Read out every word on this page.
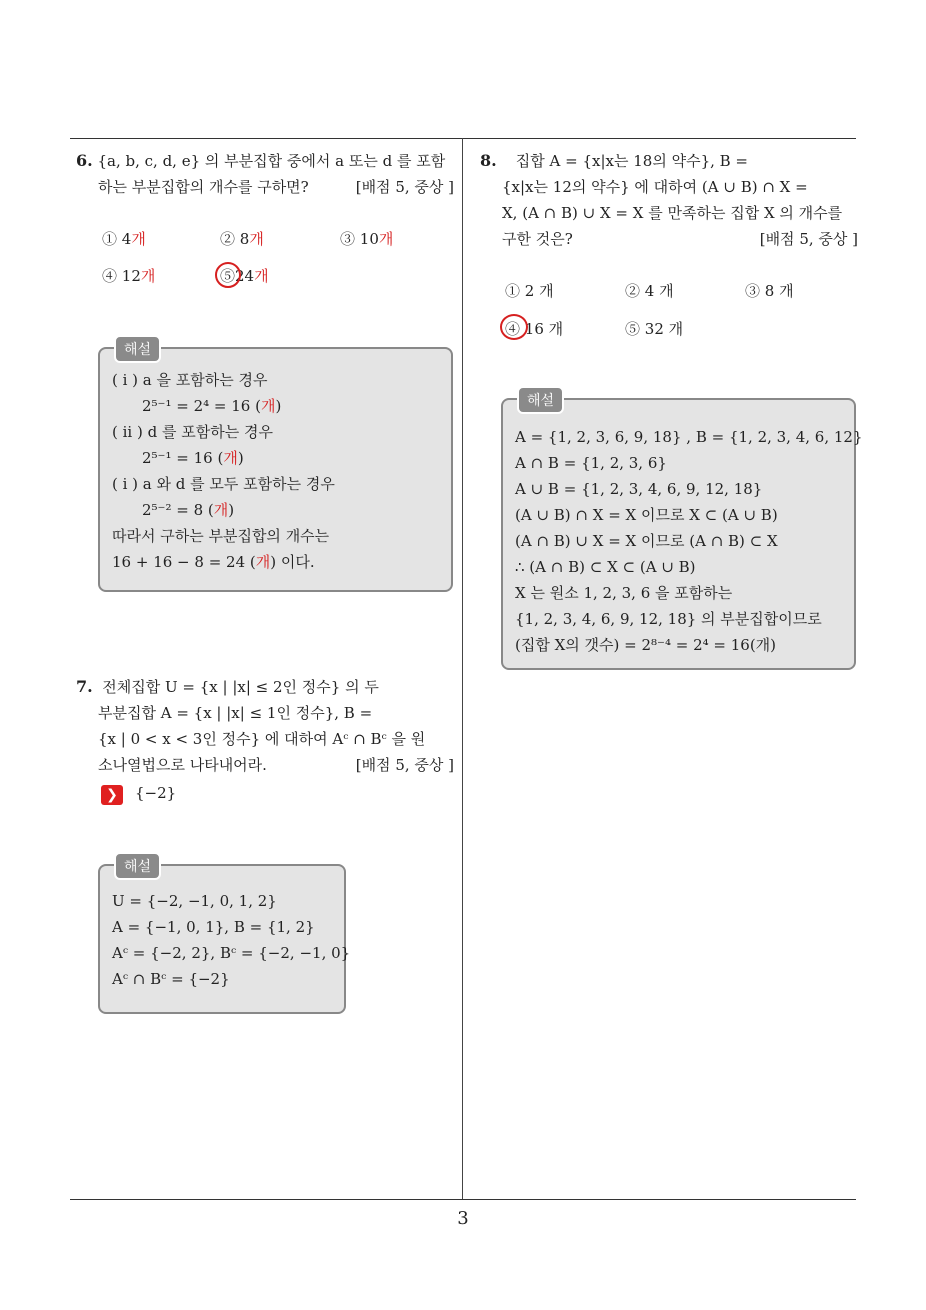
6. {a, b, c, d, e} 의 부분집합 중에서 a 또는 d 를 포함
하는 부분집합의 개수를 구하면?	[배점 5, 중상 ]
① 4개	② 8개	③ 10개
④ 12개	⑤24개
해설
( i ) a 을 포함하는 경우
2⁵⁻¹ = 2⁴ = 16 (개)
( ii ) d 를 포함하는 경우
2⁵⁻¹ = 16 (개)
( i ) a 와 d 를 모두 포함하는 경우
2⁵⁻² = 8 (개)
따라서 구하는 부분집합의 개수는
16 + 16 − 8 = 24 (개) 이다.
7. 전체집합 U = {x | |x| ≤ 2인 정수} 의 두
부분집합 A = {x | |x| ≤ 1인 정수}, B =
{x | 0 < x < 3인 정수} 에 대하여 Aᶜ ∩ Bᶜ 을 원
소나열법으로 나타내어라.	[배점 5, 중상 ]
❯	{−2}
해설
U = {−2, −1, 0, 1, 2}
A = {−1, 0, 1}, B = {1, 2}
Aᶜ = {−2, 2}, Bᶜ = {−2, −1, 0}
Aᶜ ∩ Bᶜ = {−2}
8. 집합 A = {x|x는 18의 약수}, B =
{x|x는 12의 약수} 에 대하여 (A ∪ B) ∩ X =
X, (A ∩ B) ∪ X = X 를 만족하는 집합 X 의 개수를
구한 것은?	[배점 5, 중상 ]
① 2 개	② 4 개	③ 8 개
④ 16 개	⑤ 32 개
해설
A = {1, 2, 3, 6, 9, 18} , B = {1, 2, 3, 4, 6, 12}
A ∩ B = {1, 2, 3, 6}
A ∪ B = {1, 2, 3, 4, 6, 9, 12, 18}
(A ∪ B) ∩ X = X 이므로 X ⊂ (A ∪ B)
(A ∩ B) ∪ X = X 이므로 (A ∩ B) ⊂ X
∴ (A ∩ B) ⊂ X ⊂ (A ∪ B)
X 는 원소 1, 2, 3, 6 을 포함하는
{1, 2, 3, 4, 6, 9, 12, 18} 의 부분집합이므로
(집합 X의 갯수) = 2⁸⁻⁴ = 2⁴ = 16(개)
3
